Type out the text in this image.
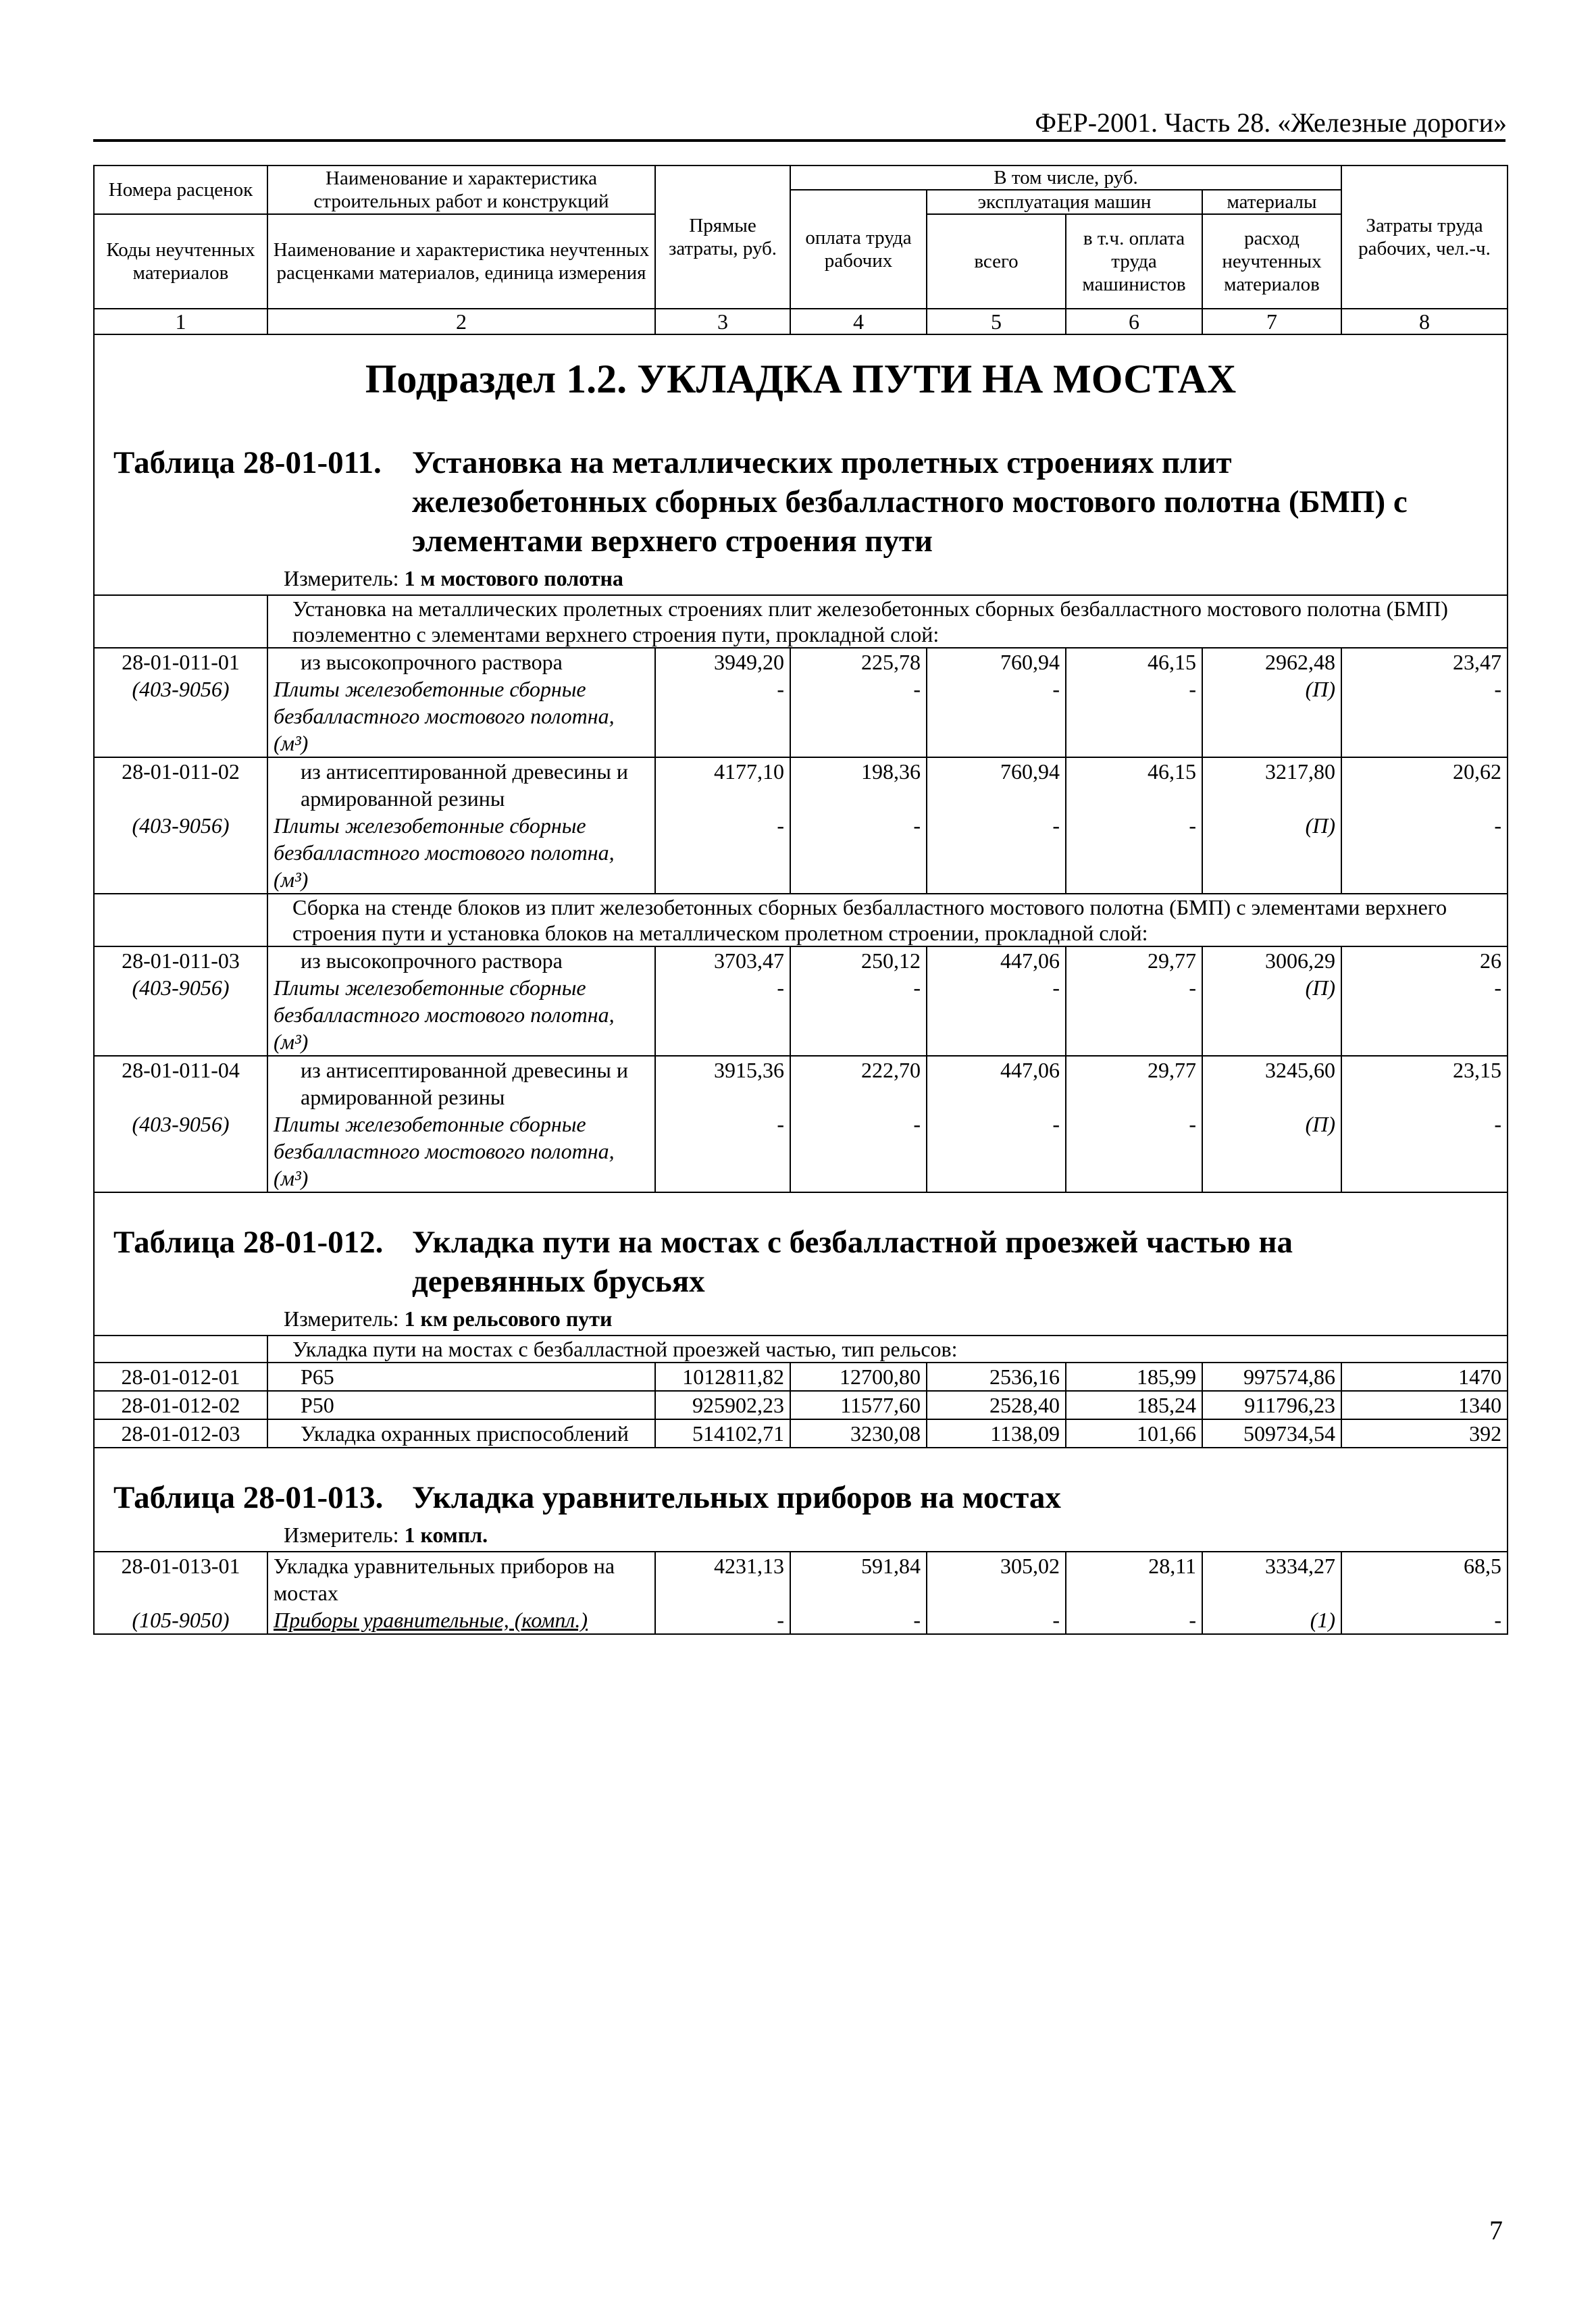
ФЕР-2001. Часть 28. «Железные дороги»
Номера расценок	Наименование и характеристика строительных работ и конструкций	Прямые затраты, руб.	В том числе, руб.				Затраты труда рабочих, чел.-ч.
			оплата труда рабочих	эксплуатация машин		материалы	
Коды неучтенных материалов	Наименование и характеристика неучтенных расценками материалов, единица измерения			всего	в т.ч. оплата труда машинистов	расход неучтенных материалов	

1	2	3	4	5	6	7	8
Подраздел 1.2. УКЛАДКА ПУТИ НА МОСТАХ
Таблица 28-01-011. Установка на металлических пролетных строениях плит
железобетонных сборных безбалластного мостового полотна (БМП) с
элементами верхнего строения пути
Измеритель: 1 м мостового полотна
	Установка на металлических пролетных строениях плит железобетонных сборных безбалластного мостового полотна (БМП) поэлементно с элементами верхнего строения пути, прокладной слой:						
28-01-011-01	из высокопрочного раствора	3949,20	225,78	760,94	46,15	2962,48	23,47
(403-9056)	Плиты железобетонные сборные безбалластного мостового полотна, (м³)	-	-	-	-	(П)	-
28-01-011-02	из антисептированной древесины и армированной резины	4177,10	198,36	760,94	46,15	3217,80	20,62
(403-9056)	Плиты железобетонные сборные безбалластного мостового полотна, (м³)	-	-	-	-	(П)	-
	Сборка на стенде блоков из плит железобетонных сборных безбалластного мостового полотна (БМП) с элементами верхнего строения пути и установка блоков на металлическом пролетном строении, прокладной слой:						
28-01-011-03	из высокопрочного раствора	3703,47	250,12	447,06	29,77	3006,29	26
(403-9056)	Плиты железобетонные сборные безбалластного мостового полотна, (м³)	-	-	-	-	(П)	-
28-01-011-04	из антисептированной древесины и армированной резины	3915,36	222,70	447,06	29,77	3245,60	23,15
(403-9056)	Плиты железобетонные сборные безбалластного мостового полотна, (м³)	-	-	-	-	(П)	-
Таблица 28-01-012. Укладка пути на мостах с безбалластной проезжей частью на
деревянных брусьях
Измеритель: 1 км рельсового пути
	Укладка пути на мостах с безбалластной проезжей частью, тип рельсов:						
28-01-012-01	Р65	1012811,82	12700,80	2536,16	185,99	997574,86	1470
28-01-012-02	Р50	925902,23	11577,60	2528,40	185,24	911796,23	1340
28-01-012-03	Укладка охранных приспособлений	514102,71	3230,08	1138,09	101,66	509734,54	392
Таблица 28-01-013. Укладка уравнительных приборов на мостах
Измеритель: 1 компл.
28-01-013-01	Укладка уравнительных приборов на мостах	4231,13	591,84	305,02	28,11	3334,27	68,5
(105-9050)	Приборы уравнительные, (компл.)	-	-	-	-	(1)	-
7
